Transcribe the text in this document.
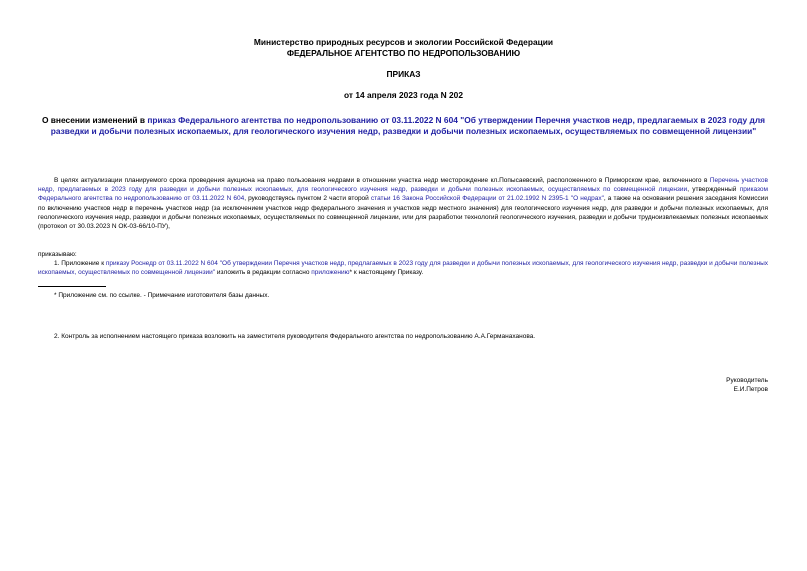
Министерство природных ресурсов и экологии Российской Федерации
ФЕДЕРАЛЬНОЕ АГЕНТСТВО ПО НЕДРОПОЛЬЗОВАНИЮ
ПРИКАЗ
от 14 апреля 2023 года N 202
О внесении изменений в приказ Федерального агентства по недропользованию от 03.11.2022 N 604 "Об утверждении Перечня участков недр, предлагаемых в 2023 году для разведки и добычи полезных ископаемых, для геологического изучения недр, разведки и добычи полезных ископаемых, осуществляемых по совмещенной лицензии"
В целях актуализации планируемого срока проведения аукциона на право пользования недрами в отношении участка недр месторождение кл.Попысаевский, расположенного в Приморском крае, включенного в Перечень участков недр, предлагаемых в 2023 году для разведки и добычи полезных ископаемых, для геологического изучения недр, разведки и добычи полезных ископаемых, осуществляемых по совмещенной лицензии, утвержденный приказом Федерального агентства по недропользованию от 03.11.2022 N 604, руководствуясь пунктом 2 части второй статьи 16 Закона Российской Федерации от 21.02.1992 N 2395-1 "О недрах", а также на основании решения заседания Комиссии по включению участков недр в перечень участков недр (за исключением участков недр федерального значения и участков недр местного значения) для геологического изучения недр, для разведки и добычи полезных ископаемых, для геологического изучения недр, разведки и добычи полезных ископаемых, осуществляемых по совмещенной лицензии, или для разработки технологий геологического изучения, разведки и добычи трудноизвлекаемых полезных ископаемых (протокол от 30.03.2023 N ОК-03-66/10-ПУ),
приказываю:
1. Приложение к приказу Роснедр от 03.11.2022 N 604 "Об утверждении Перечня участков недр, предлагаемых в 2023 году для разведки и добычи полезных ископаемых, для геологического изучения недр, разведки и добычи полезных ископаемых, осуществляемых по совмещенной лицензии" изложить в редакции согласно приложению* к настоящему Приказу.
* Приложение см. по ссылке. - Примечание изготовителя базы данных.
2. Контроль за исполнением настоящего приказа возложить на заместителя руководителя Федерального агентства по недропользованию А.А.Германаханова.
Руководитель
Е.И.Петров
